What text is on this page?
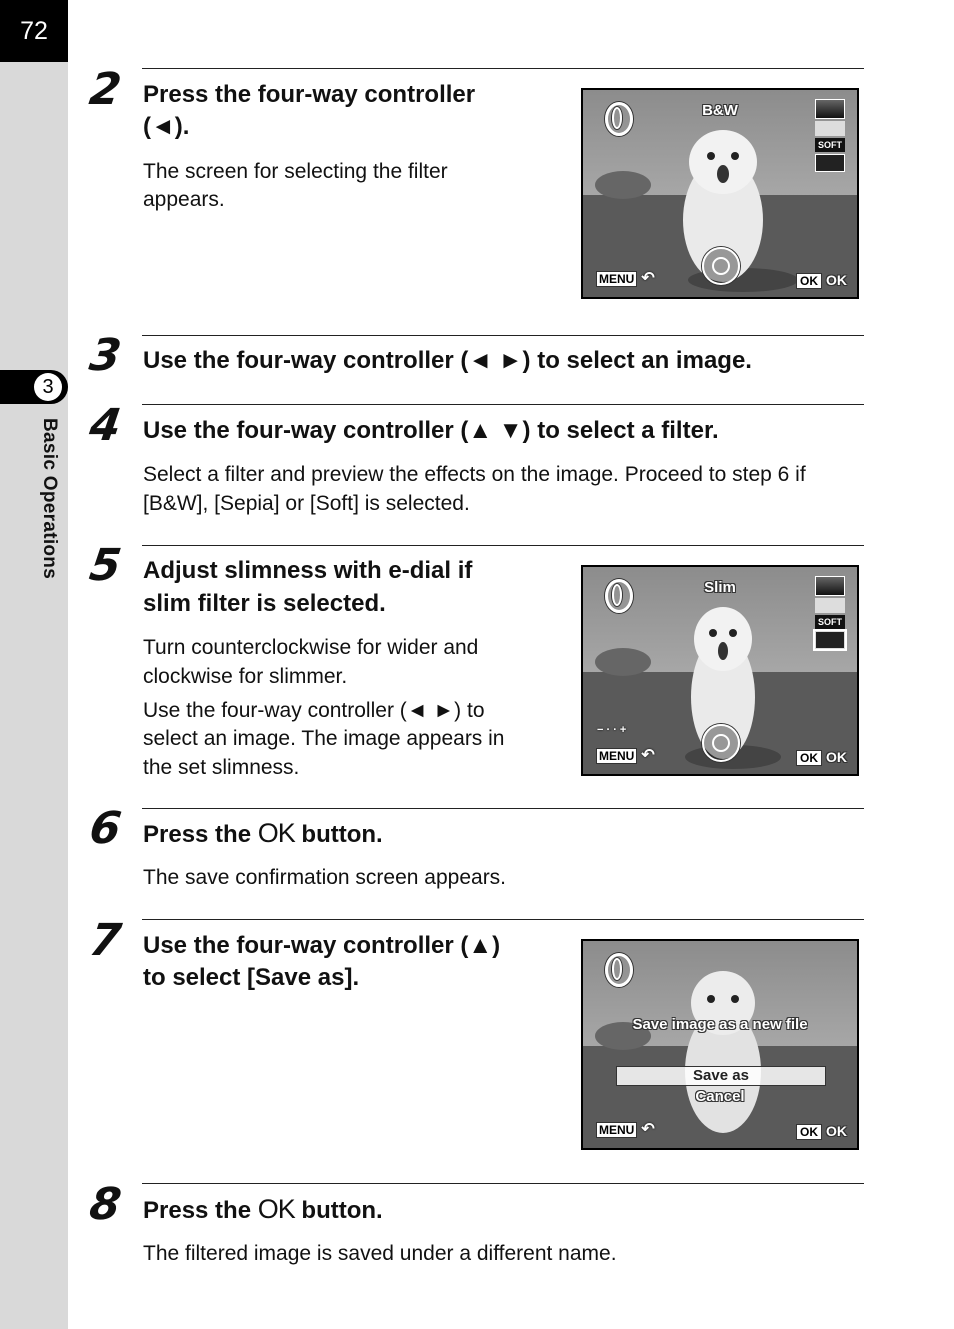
72
3
Basic Operations
2 Press the four-way controller
(◄).
The screen for selecting the filter
appears.
B&W
SOFT
MENU ↶	OK OK
3 Use the four-way controller (◄ ►) to select an image.
4 Use the four-way controller (▲ ▼) to select a filter.
Select a filter and preview the effects on the image. Proceed to step 6 if
[B&W], [Sepia] or [Soft] is selected.
5 Adjust slimness with e-dial if
slim filter is selected.
Turn counterclockwise for wider and
clockwise for slimmer.
Use the four-way controller (◄ ►) to
select an image. The image appears in
the set slimness.
Slim
SOFT
− · · +
MENU ↶	OK OK
6 Press the OK button.
The save confirmation screen appears.
7 Use the four-way controller (▲)
to select [Save as].
Save image as a new file
Save as
Cancel
MENU ↶	OK OK
8 Press the OK button.
The filtered image is saved under a different name.
